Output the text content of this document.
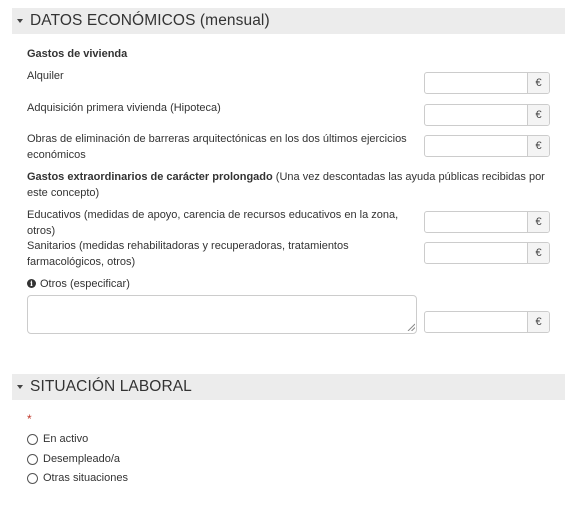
DATOS ECONÓMICOS (mensual)
Gastos de vivienda
Alquiler
€
Adquisición primera vivienda (Hipoteca)
€
Obras de eliminación de barreras arquitectónicas en los dos últimos ejercicios económicos
€
Gastos extraordinarios de carácter prolongado (Una vez descontadas las ayuda públicas recibidas por este concepto)
Educativos (medidas de apoyo, carencia de recursos educativos en la zona, otros)
€
Sanitarios (medidas rehabilitadoras y recuperadoras, tratamientos farmacológicos, otros)
€
i Otros (especificar)
€
SITUACIÓN LABORAL
*
En activo
Desempleado/a
Otras situaciones
